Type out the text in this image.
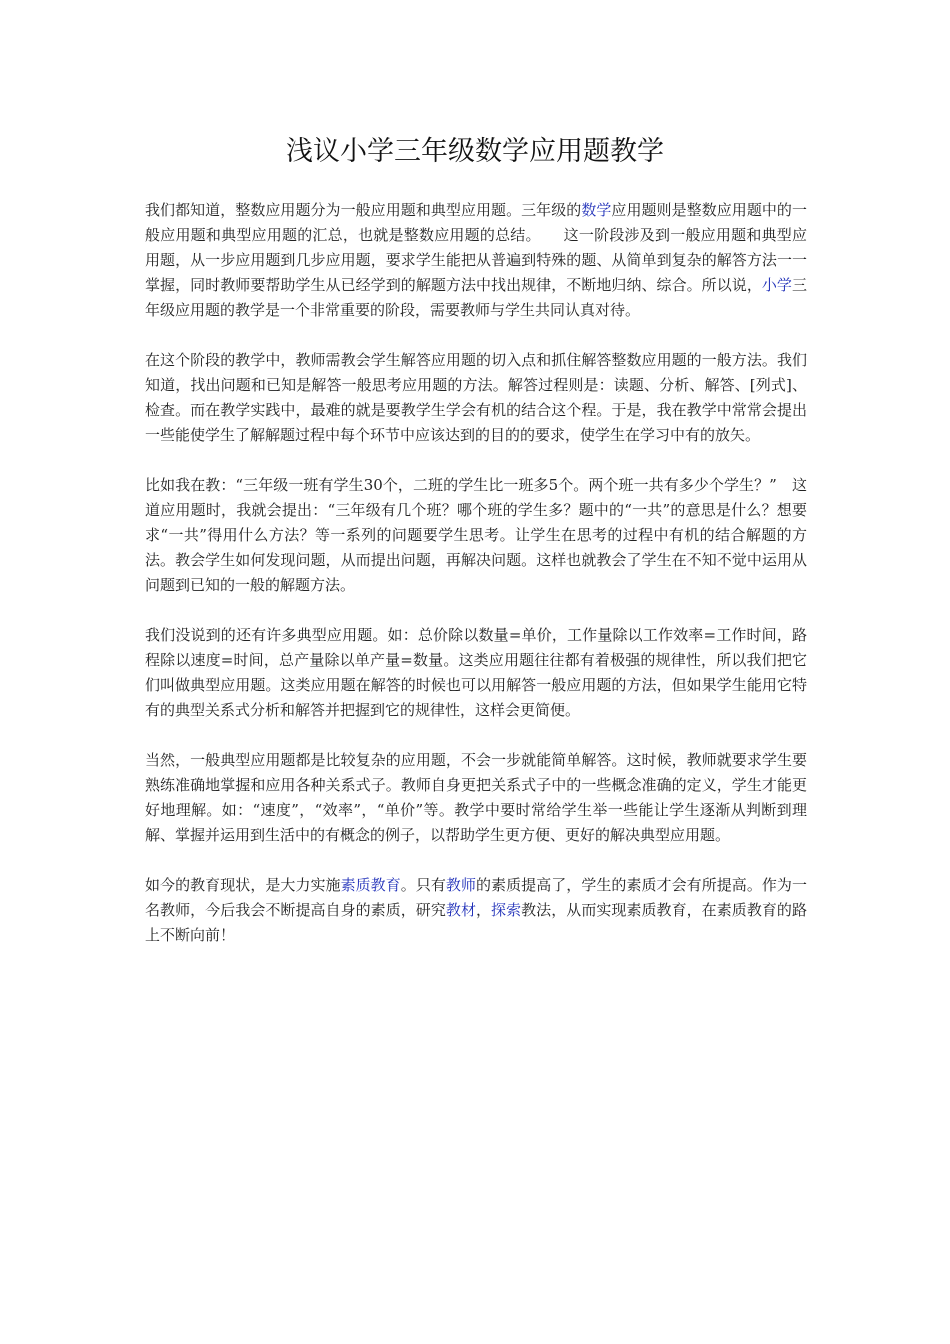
浅议小学三年级数学应用题教学

我们都知道，整数应用题分为一般应用题和典型应用题。三年级的数学应用题则是整数应用题中的一般应用题和典型应用题的汇总，也就是整数应用题的总结。　　这一阶段涉及到一般应用题和典型应用题，从一步应用题到几步应用题，要求学生能把从普遍到特殊的题、从简单到复杂的解答方法一一掌握，同时教师要帮助学生从已经学到的解题方法中找出规律，不断地归纳、综合。所以说，小学三年级应用题的教学是一个非常重要的阶段，需要教师与学生共同认真对待。

在这个阶段的教学中，教师需教会学生解答应用题的切入点和抓住解答整数应用题的一般方法。我们知道，找出问题和已知是解答一般思考应用题的方法。解答过程则是：读题、分析、解答、[列式]、检查。而在教学实践中，最难的就是要教学生学会有机的结合这个程。于是，我在教学中常常会提出一些能使学生了解解题过程中每个环节中应该达到的目的的要求，使学生在学习中有的放矢。

比如我在教：“三年级一班有学生30个，二班的学生比一班多5个。两个班一共有多少个学生？”　这道应用题时，我就会提出：“三年级有几个班？哪个班的学生多？题中的“一共”的意思是什么？想要求“一共”得用什么方法？等一系列的问题要学生思考。让学生在思考的过程中有机的结合解题的方法。教会学生如何发现问题，从而提出问题，再解决问题。这样也就教会了学生在不知不觉中运用从问题到已知的一般的解题方法。

我们没说到的还有许多典型应用题。如：总价除以数量=单价，工作量除以工作效率=工作时间，路程除以速度=时间，总产量除以单产量=数量。这类应用题往往都有着极强的规律性，所以我们把它们叫做典型应用题。这类应用题在解答的时候也可以用解答一般应用题的方法，但如果学生能用它特有的典型关系式分析和解答并把握到它的规律性，这样会更简便。

当然，一般典型应用题都是比较复杂的应用题，不会一步就能简单解答。这时候，教师就要求学生要熟练准确地掌握和应用各种关系式子。教师自身更把关系式子中的一些概念准确的定义，学生才能更好地理解。如：“速度”，“效率”，“单价”等。教学中要时常给学生举一些能让学生逐渐从判断到理解、掌握并运用到生活中的有概念的例子，以帮助学生更方便、更好的解决典型应用题。

如今的教育现状，是大力实施素质教育。只有教师的素质提高了，学生的素质才会有所提高。作为一名教师，今后我会不断提高自身的素质，研究教材，探索教法，从而实现素质教育，在素质教育的路上不断向前！
